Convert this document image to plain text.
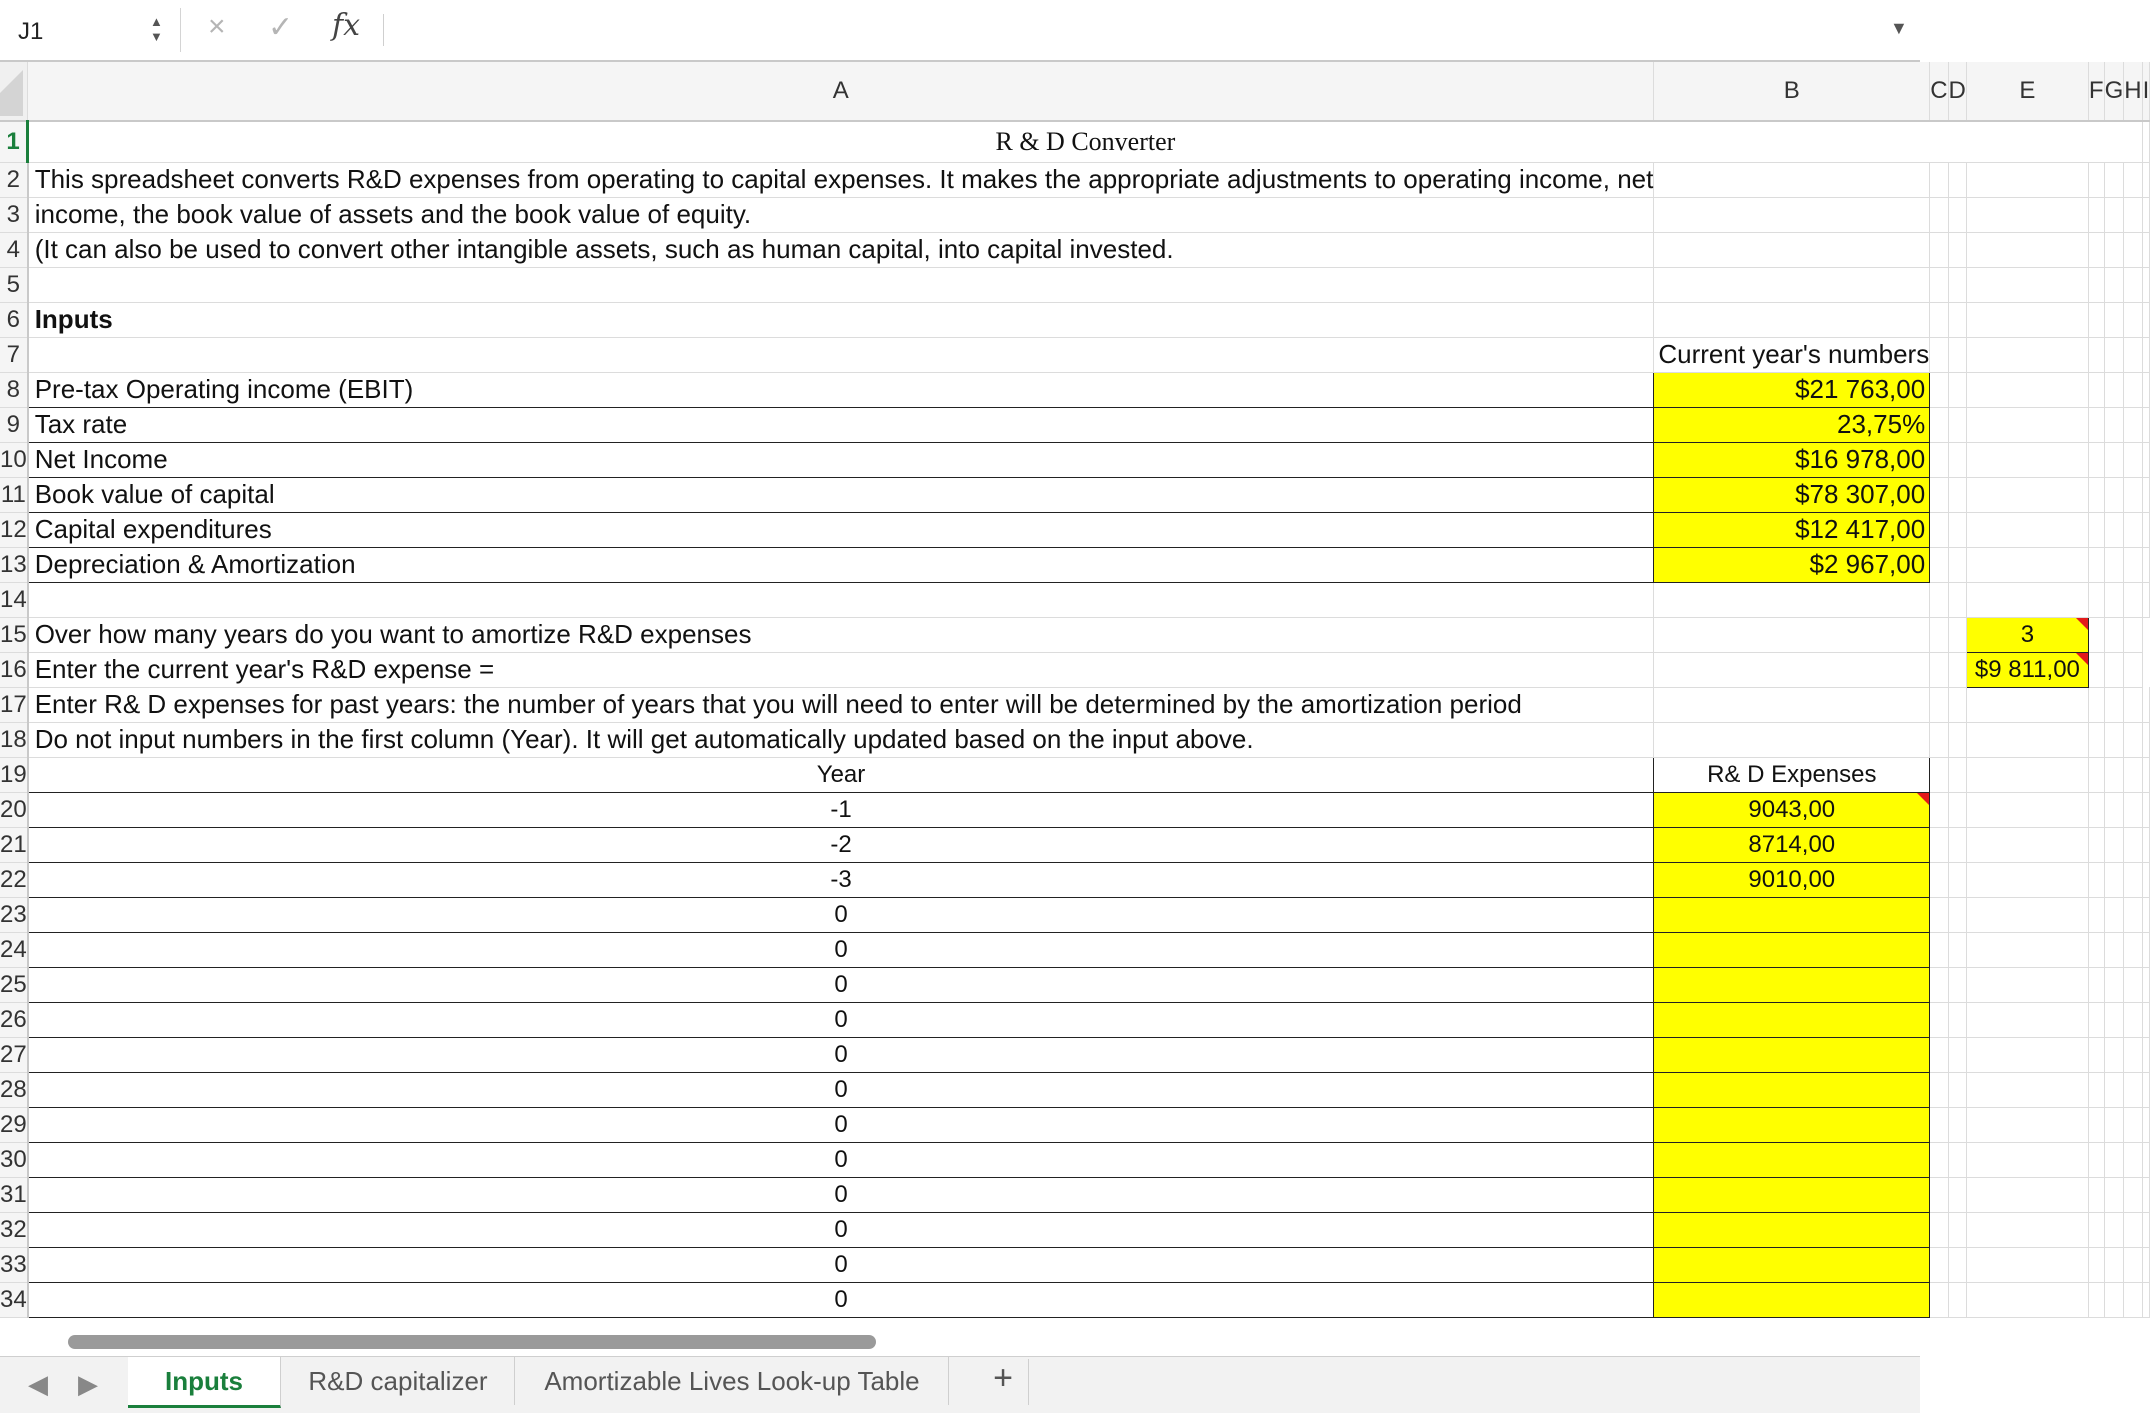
J1	▲
▼ × ✓ fx	▼
	A	B	C	D	E	F	G	H	I
1	R & D Converter								
2	This spreadsheet converts R&D expenses from operating to capital expenses. It makes the appropriate adjustments to operating income, net								
3	income, the book value of assets and the book value of equity.								
4	(It can also be used to convert other intangible assets, such as human capital, into capital invested.								
5									
6	Inputs								
7		Current year's numbers							
8	Pre-tax Operating income (EBIT)	$21 763,00							
9	Tax rate	23,75%							
10	Net Income	$16 978,00							
11	Book value of capital	$78 307,00							
12	Capital expenditures	$12 417,00							
13	Depreciation & Amortization	$2 967,00							
14									
15	Over how many years do you want to amortize R&D expenses				3				
16	Enter the current year's R&D expense =				$ 9 811,00				

17	Enter R& D expenses for past years: the number of years that you will need to enter will be determined by the amortization period								
18	Do not input numbers in the first column (Year). It will get automatically updated based on the input above.								
19	Year	R& D Expenses							
20	-1	9043,00							
21	-2	8714,00							
22	-3	9010,00							
23	0								
24	0								
25	0								
26	0								
27	0								
28	0								
29	0								
30	0								
31	0								
32	0								
33	0								
34	0								
◀ ▶	Inputs	R&D capitalizer	Amortizable Lives Look-up Table	+
